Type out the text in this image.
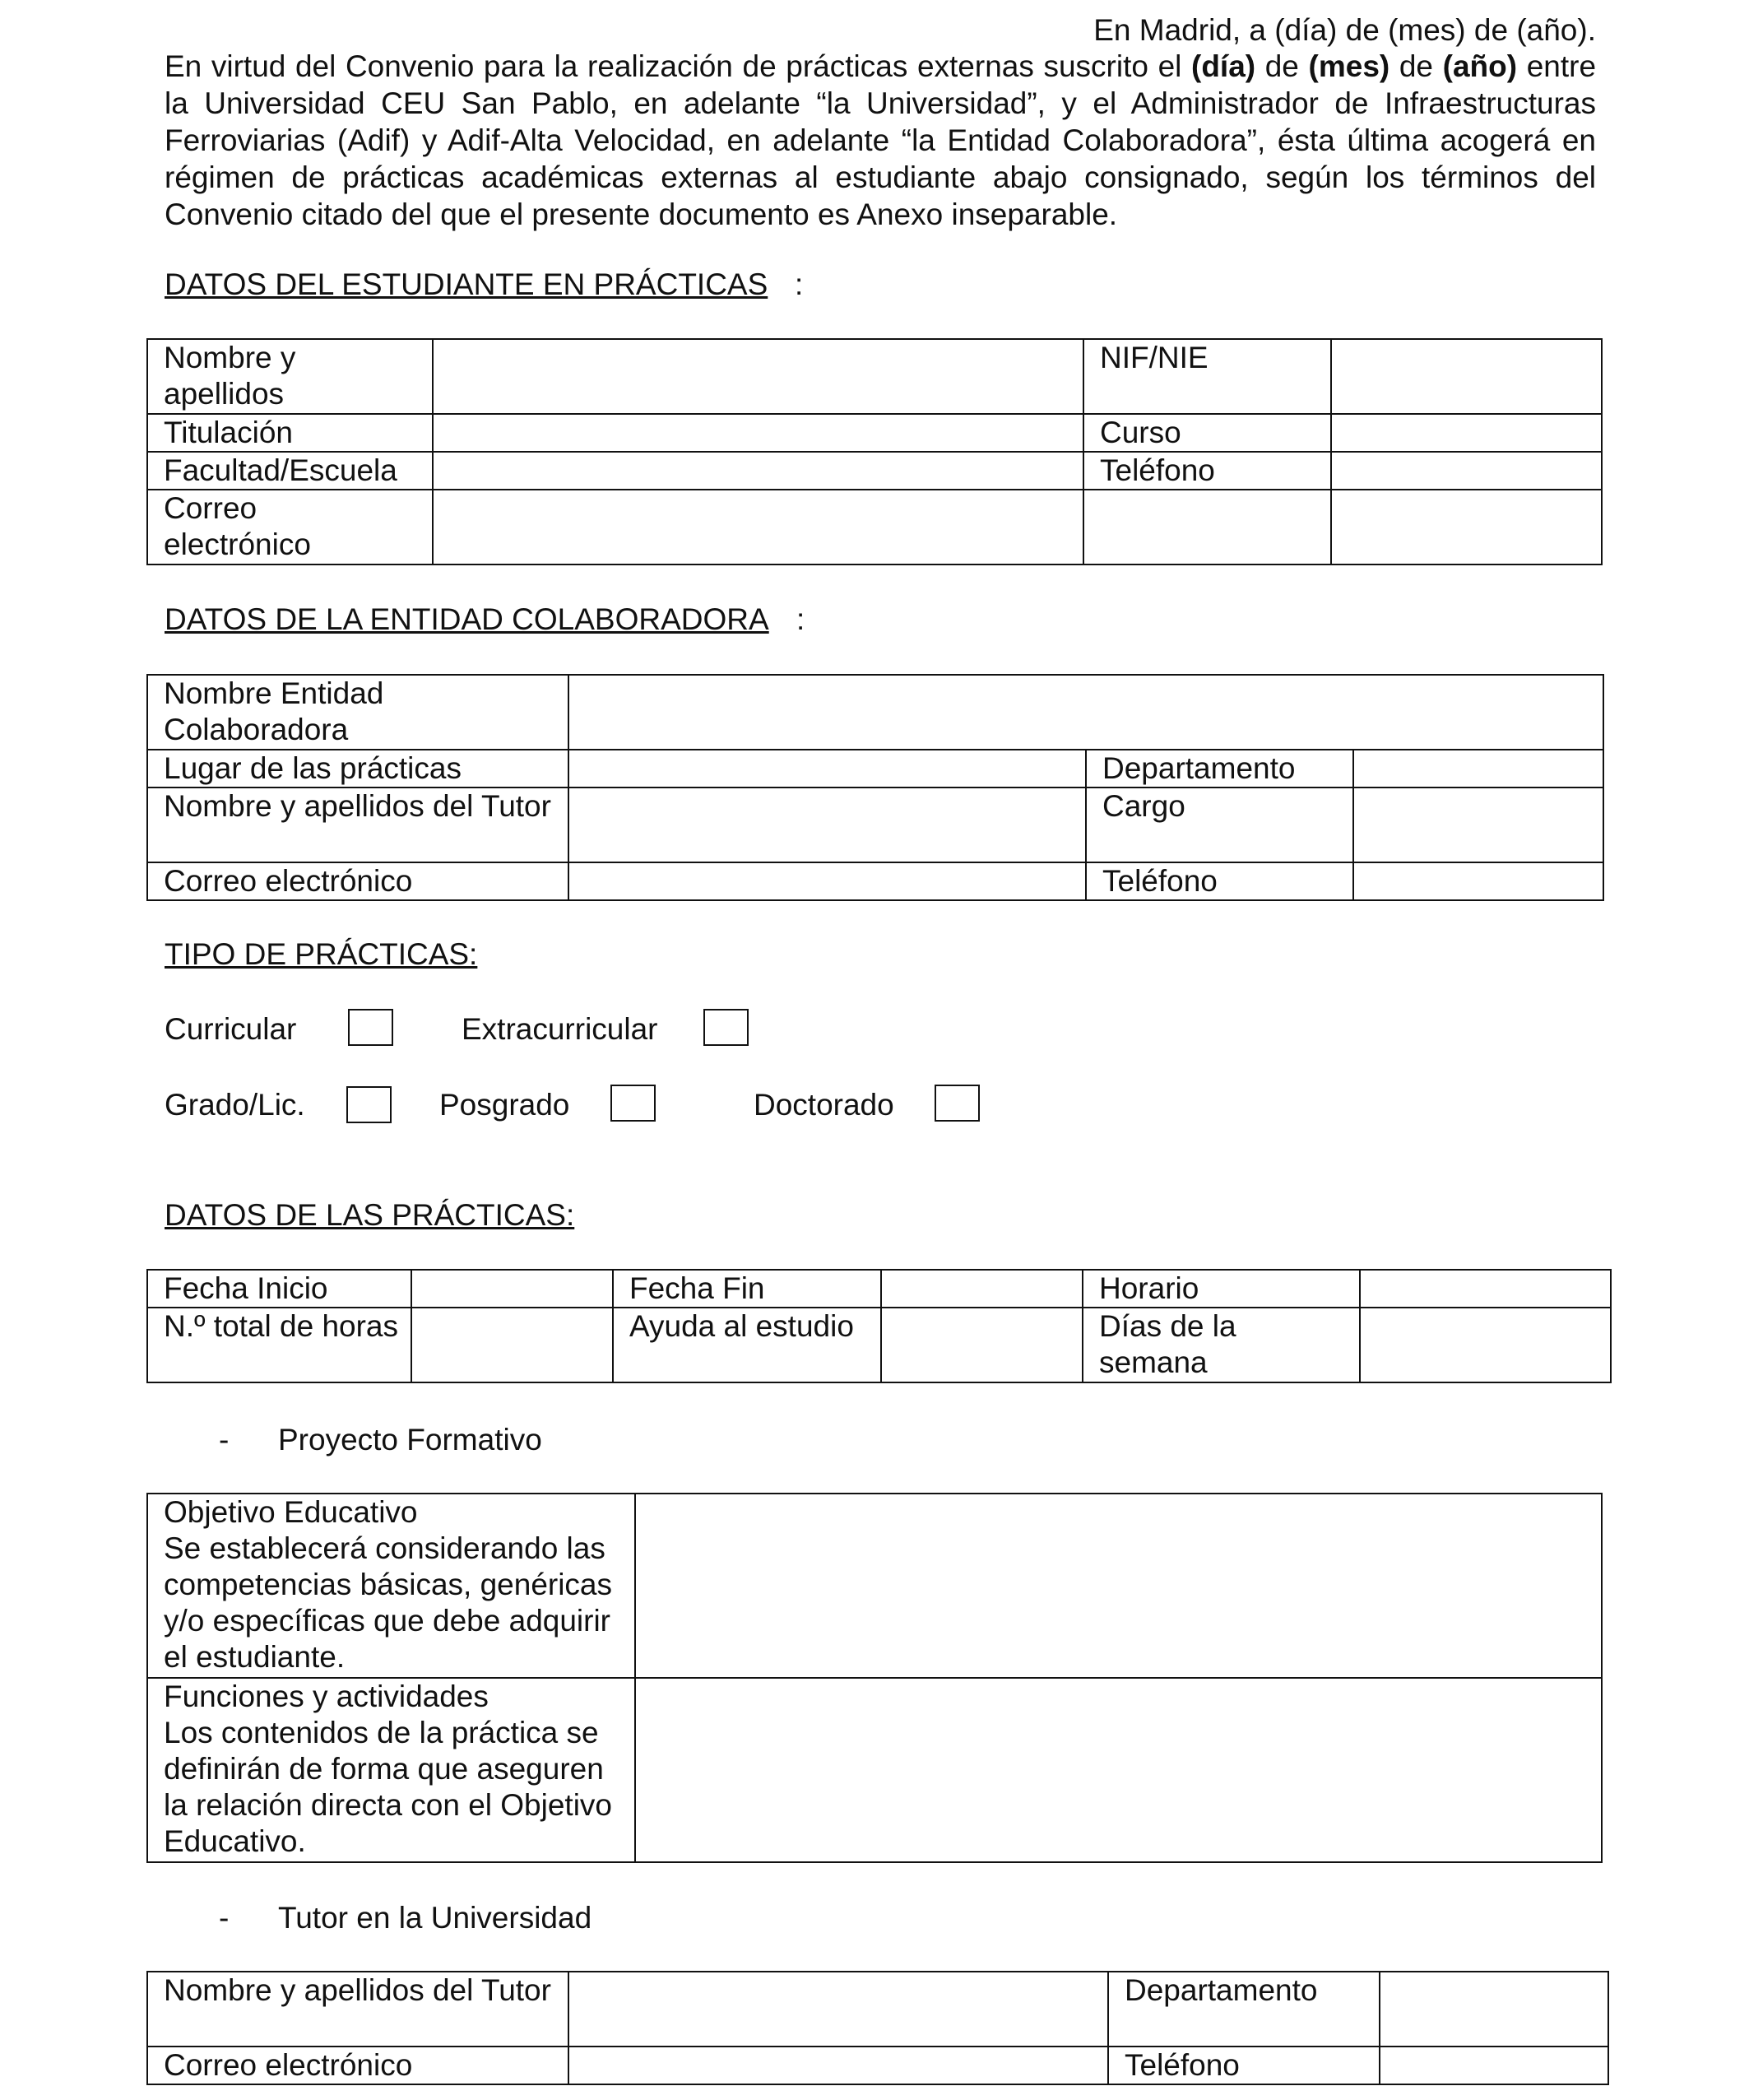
En Madrid, a (día) de (mes) de (año).

En virtud del Convenio para la realización de prácticas externas suscrito el (día) de (mes) de (año) entre la Universidad CEU San Pablo, en adelante “la Universidad”, y el Administrador de Infraestructuras Ferroviarias (Adif) y Adif-Alta Velocidad, en adelante “la Entidad Colaboradora”, ésta última acogerá en régimen de prácticas académicas externas al estudiante abajo consignado, según los términos del Convenio citado del que el presente documento es Anexo inseparable.

DATOS DEL ESTUDIANTE EN PRÁCTICAS :
Nombre y apellidos		NIF/NIE	
Titulación		Curso	
Facultad/Escuela		Teléfono	
Correo electrónico			
DATOS DE LA ENTIDAD COLABORADORA :
Nombre Entidad Colaboradora			
Lugar de las prácticas		Departamento	
Nombre y apellidos del Tutor		Cargo	
Correo electrónico		Teléfono	
TIPO DE PRÁCTICAS:
Curricular	Extracurricular
Grado/Lic.	Posgrado	Doctorado
DATOS DE LAS PRÁCTICAS:
Fecha Inicio		Fecha Fin		Horario	
N.º total de horas		Ayuda al estudio		Días de la semana	
- Proyecto Formativo
Objetivo Educativo
Se establecerá considerando las competencias básicas, genéricas y/o específicas que debe adquirir el estudiante.	
Funciones y actividades
Los contenidos de la práctica se definirán de forma que aseguren la relación directa con el Objetivo Educativo.	
- Tutor en la Universidad
Nombre y apellidos del Tutor		Departamento	
Correo electrónico		Teléfono	
